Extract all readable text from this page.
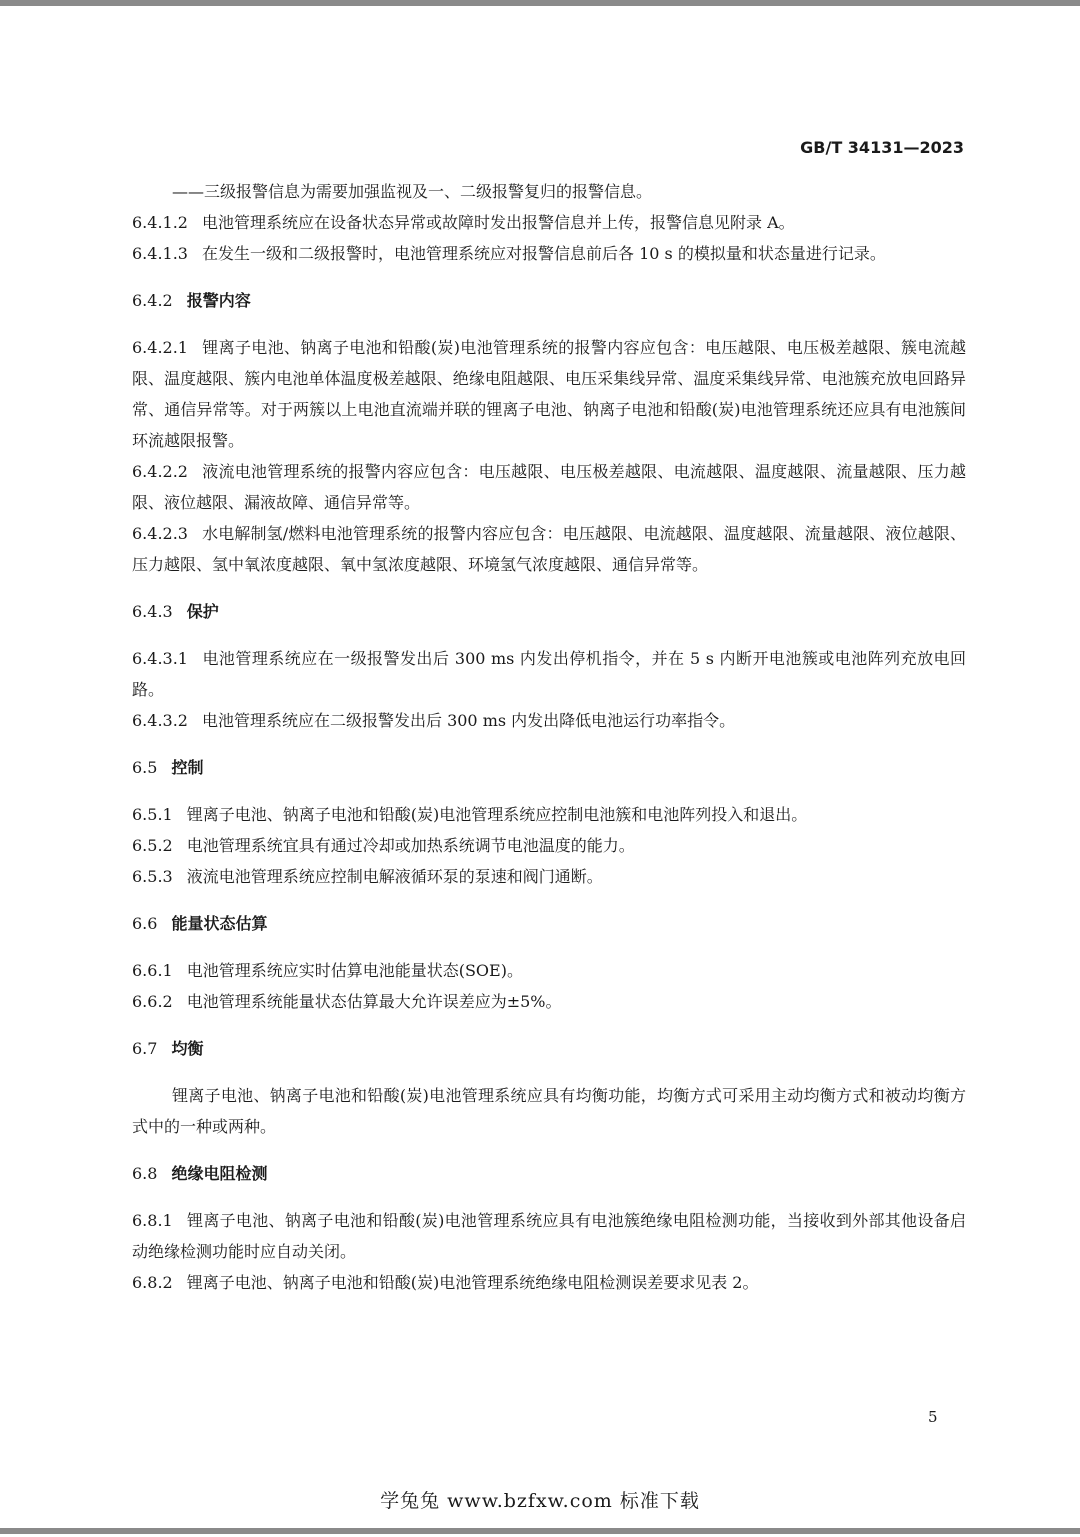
GB/T 34131—2023

——三级报警信息为需要加强监视及一、二级报警复归的报警信息。

6.4.1.2 电池管理系统应在设备状态异常或故障时发出报警信息并上传，报警信息见附录 A。

6.4.1.3 在发生一级和二级报警时，电池管理系统应对报警信息前后各 10 s 的模拟量和状态量进行记录。

6.4.2 报警内容

6.4.2.1 锂离子电池、钠离子电池和铅酸(炭)电池管理系统的报警内容应包含：电压越限、电压极差越限、簇电流越限、温度越限、簇内电池单体温度极差越限、绝缘电阻越限、电压采集线异常、温度采集线异常、电池簇充放电回路异常、通信异常等。对于两簇以上电池直流端并联的锂离子电池、钠离子电池和铅酸(炭)电池管理系统还应具有电池簇间环流越限报警。

6.4.2.2 液流电池管理系统的报警内容应包含：电压越限、电压极差越限、电流越限、温度越限、流量越限、压力越限、液位越限、漏液故障、通信异常等。

6.4.2.3 水电解制氢/燃料电池管理系统的报警内容应包含：电压越限、电流越限、温度越限、流量越限、液位越限、压力越限、氢中氧浓度越限、氧中氢浓度越限、环境氢气浓度越限、通信异常等。

6.4.3 保护

6.4.3.1 电池管理系统应在一级报警发出后 300 ms 内发出停机指令，并在 5 s 内断开电池簇或电池阵列充放电回路。

6.4.3.2 电池管理系统应在二级报警发出后 300 ms 内发出降低电池运行功率指令。

6.5 控制

6.5.1 锂离子电池、钠离子电池和铅酸(炭)电池管理系统应控制电池簇和电池阵列投入和退出。

6.5.2 电池管理系统宜具有通过冷却或加热系统调节电池温度的能力。

6.5.3 液流电池管理系统应控制电解液循环泵的泵速和阀门通断。

6.6 能量状态估算

6.6.1 电池管理系统应实时估算电池能量状态(SOE)。

6.6.2 电池管理系统能量状态估算最大允许误差应为±5%。

6.7 均衡

锂离子电池、钠离子电池和铅酸(炭)电池管理系统应具有均衡功能，均衡方式可采用主动均衡方式和被动均衡方式中的一种或两种。

6.8 绝缘电阻检测

6.8.1 锂离子电池、钠离子电池和铅酸(炭)电池管理系统应具有电池簇绝缘电阻检测功能，当接收到外部其他设备启动绝缘检测功能时应自动关闭。

6.8.2 锂离子电池、钠离子电池和铅酸(炭)电池管理系统绝缘电阻检测误差要求见表 2。

5
学兔兔 www.bzfxw.com 标准下载
